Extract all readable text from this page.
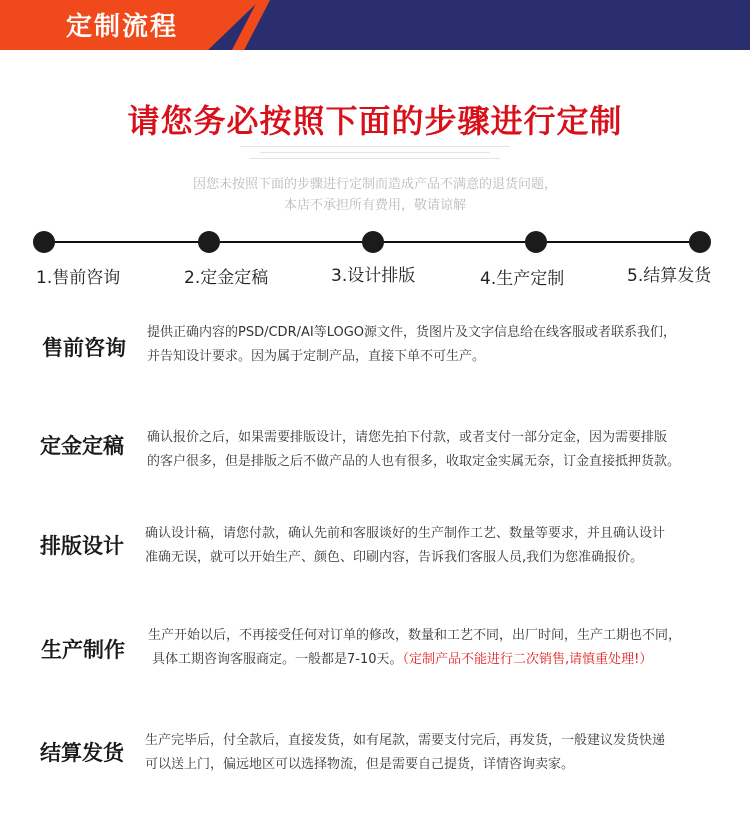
定制流程
请您务必按照下面的步骤进行定制
因您未按照下面的步骤进行定制而造成产品不满意的退货问题，
本店不承担所有费用，敬请谅解
1.售前咨询	2.定金定稿	3.设计排版	4.生产定制	5.结算发货
售前咨询
提供正确内容的PSD/CDR/AI等LOGO源文件，货图片及文字信息给在线客服或者联系我们，
并告知设计要求。因为属于定制产品，直接下单不可生产。
定金定稿 确认报价之后，如果需要排版设计，请您先拍下付款，或者支付一部分定金，因为需要排版
的客户很多，但是排版之后不做产品的人也有很多，收取定金实属无奈，订金直接抵押货款。
排版设计
确认设计稿，请您付款，确认先前和客服谈好的生产制作工艺、数量等要求，并且确认设计
准确无误，就可以开始生产、颜色、印刷内容，告诉我们客服人员,我们为您准确报价。
生产制作
生产开始以后，不再接受任何对订单的修改，数量和工艺不同，出厂时间，生产工期也不同，
具体工期咨询客服商定。一般都是7-10天。（定制产品不能进行二次销售,请慎重处理!）
结算发货
生产完毕后，付全款后，直接发货，如有尾款，需要支付完后，再发货，一般建议发货快递
可以送上门，偏远地区可以选择物流，但是需要自己提货，详情咨询卖家。
